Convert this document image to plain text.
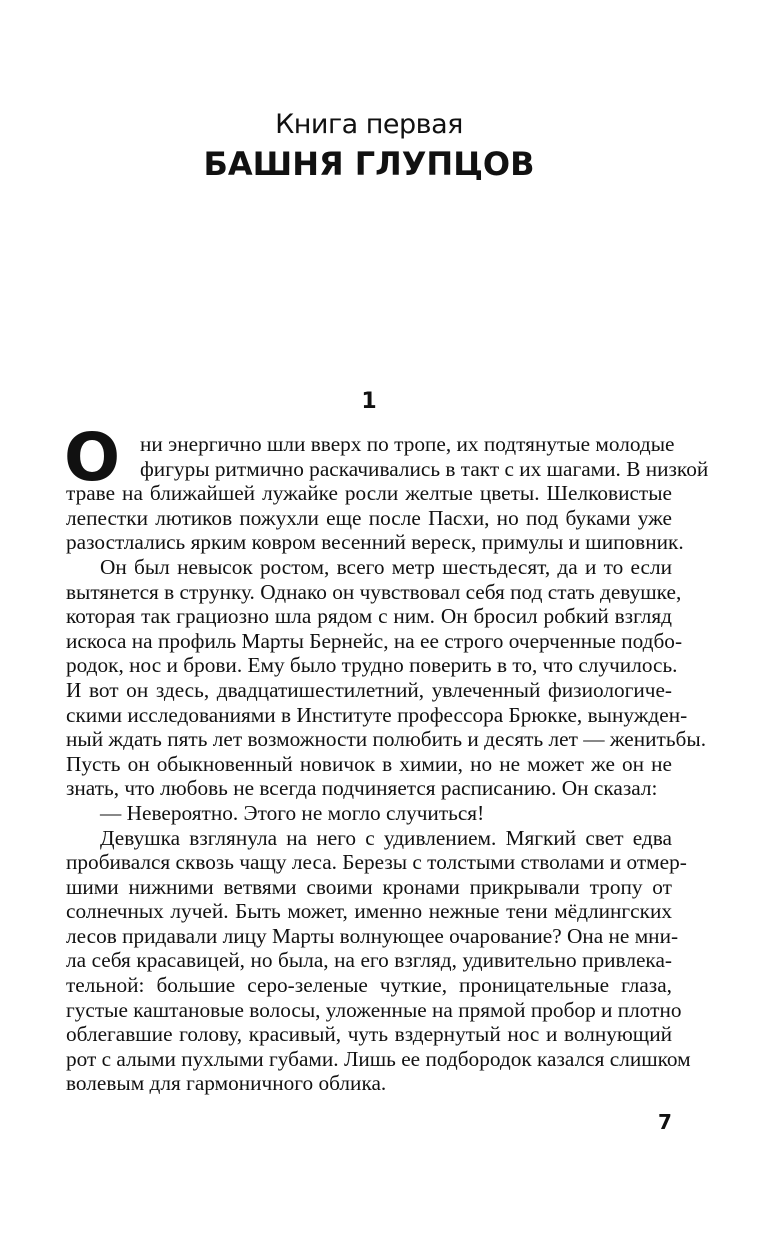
Книга первая
БАШНЯ ГЛУПЦОВ
1
О ни энергично шли вверх по тропе, их подтянутые молодые
фигуры ритмично раскачивались в такт с их шагами. В низкой
траве на ближайшей лужайке росли желтые цветы. Шелковистые
лепестки лютиков пожухли еще после Пасхи, но под буками уже
разостлались ярким ковром весенний вереск, примулы и шиповник.
Он был невысок ростом, всего метр шестьдесят, да и то если
вытянется в струнку. Однако он чувствовал себя под стать девушке,
которая так грациозно шла рядом с ним. Он бросил робкий взгляд
искоса на профиль Марты Бернейс, на ее строго очерченные подбо-
родок, нос и брови. Ему было трудно поверить в то, что случилось.
И вот он здесь, двадцатишестилетний, увлеченный физиологиче-
скими исследованиями в Институте профессора Брюкке, вынужден-
ный ждать пять лет возможности полюбить и десять лет — женитьбы.
Пусть он обыкновенный новичок в химии, но не может же он не
знать, что любовь не всегда подчиняется расписанию. Он сказал:
— Невероятно. Этого не могло случиться!
Девушка взглянула на него с удивлением. Мягкий свет едва
пробивался сквозь чащу леса. Березы с толстыми стволами и отмер-
шими нижними ветвями своими кронами прикрывали тропу от
солнечных лучей. Быть может, именно нежные тени мёдлингских
лесов придавали лицу Марты волнующее очарование? Она не мни-
ла себя красавицей, но была, на его взгляд, удивительно привлека-
тельной: большие серо-зеленые чуткие, проницательные глаза,
густые каштановые волосы, уложенные на прямой пробор и плотно
облегавшие голову, красивый, чуть вздернутый нос и волнующий
рот с алыми пухлыми губами. Лишь ее подбородок казался слишком
волевым для гармоничного облика.
7
